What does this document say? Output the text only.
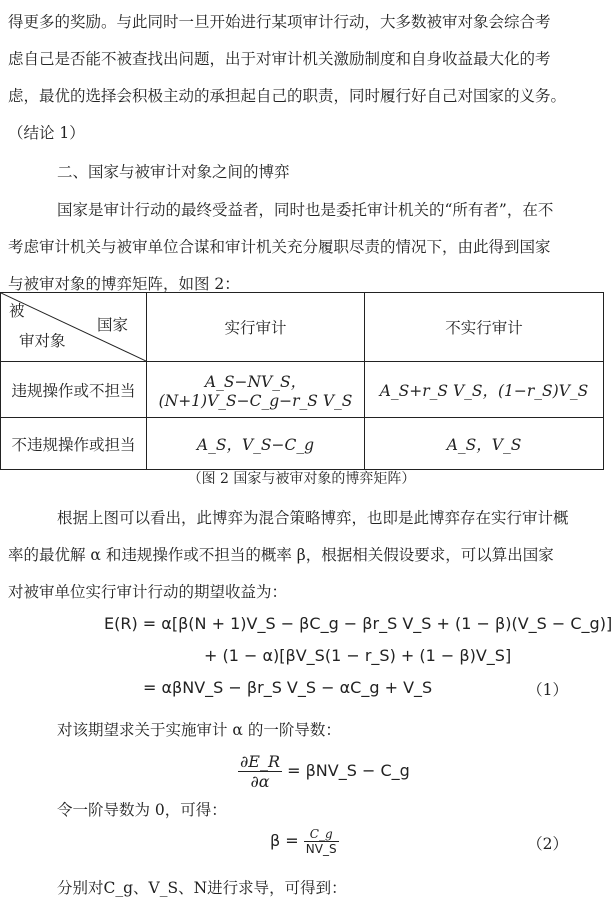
得更多的奖励。与此同时一旦开始进行某项审计行动，大多数被审对象会综合考
虑自己是否能不被查找出问题，出于对审计机关激励制度和自身收益最大化的考
虑，最优的选择会积极主动的承担起自己的职责，同时履行好自己对国家的义务。
（结论 1）
二、国家与被审计对象之间的博弈
国家是审计行动的最终受益者，同时也是委托审计机关的“所有者”，在不
考虑审计机关与被审单位合谋和审计机关充分履职尽责的情况下，由此得到国家
与被审对象的博弈矩阵，如图 2：
被
国家
审对象	实行审计	不实行审计
违规操作或不担当	A_S−NV_S，(N+1)V_S−C_g−r_S V_S	A_S+r_S V_S，(1−r_S)V_S
不违规操作或担当	A_S，V_S−C_g	A_S，V_S
（图 2 国家与被审对象的博弈矩阵）
根据上图可以看出，此博弈为混合策略博弈，也即是此博弈存在实行审计概
率的最优解 α 和违规操作或不担当的概率 β，根据相关假设要求，可以算出国家
对被审单位实行审计行动的期望收益为：
E(R) = α[β(N + 1)V_S − βC_g − βr_S V_S + (1 − β)(V_S − C_g)]
+ (1 − α)[βV_S(1 − r_S) + (1 − β)V_S]
= αβNV_S − βr_S V_S − αC_g + V_S	（1）
对该期望求关于实施审计 α 的一阶导数：
$\frac{\partial E\_R}{\partial\alpha}$ = βNV_S − C_g
令一阶导数为 0，可得：
$\beta = \frac{C\_g}{NV\_S}$	（2）
分别对C_g、V_S、N进行求导，可得到：
